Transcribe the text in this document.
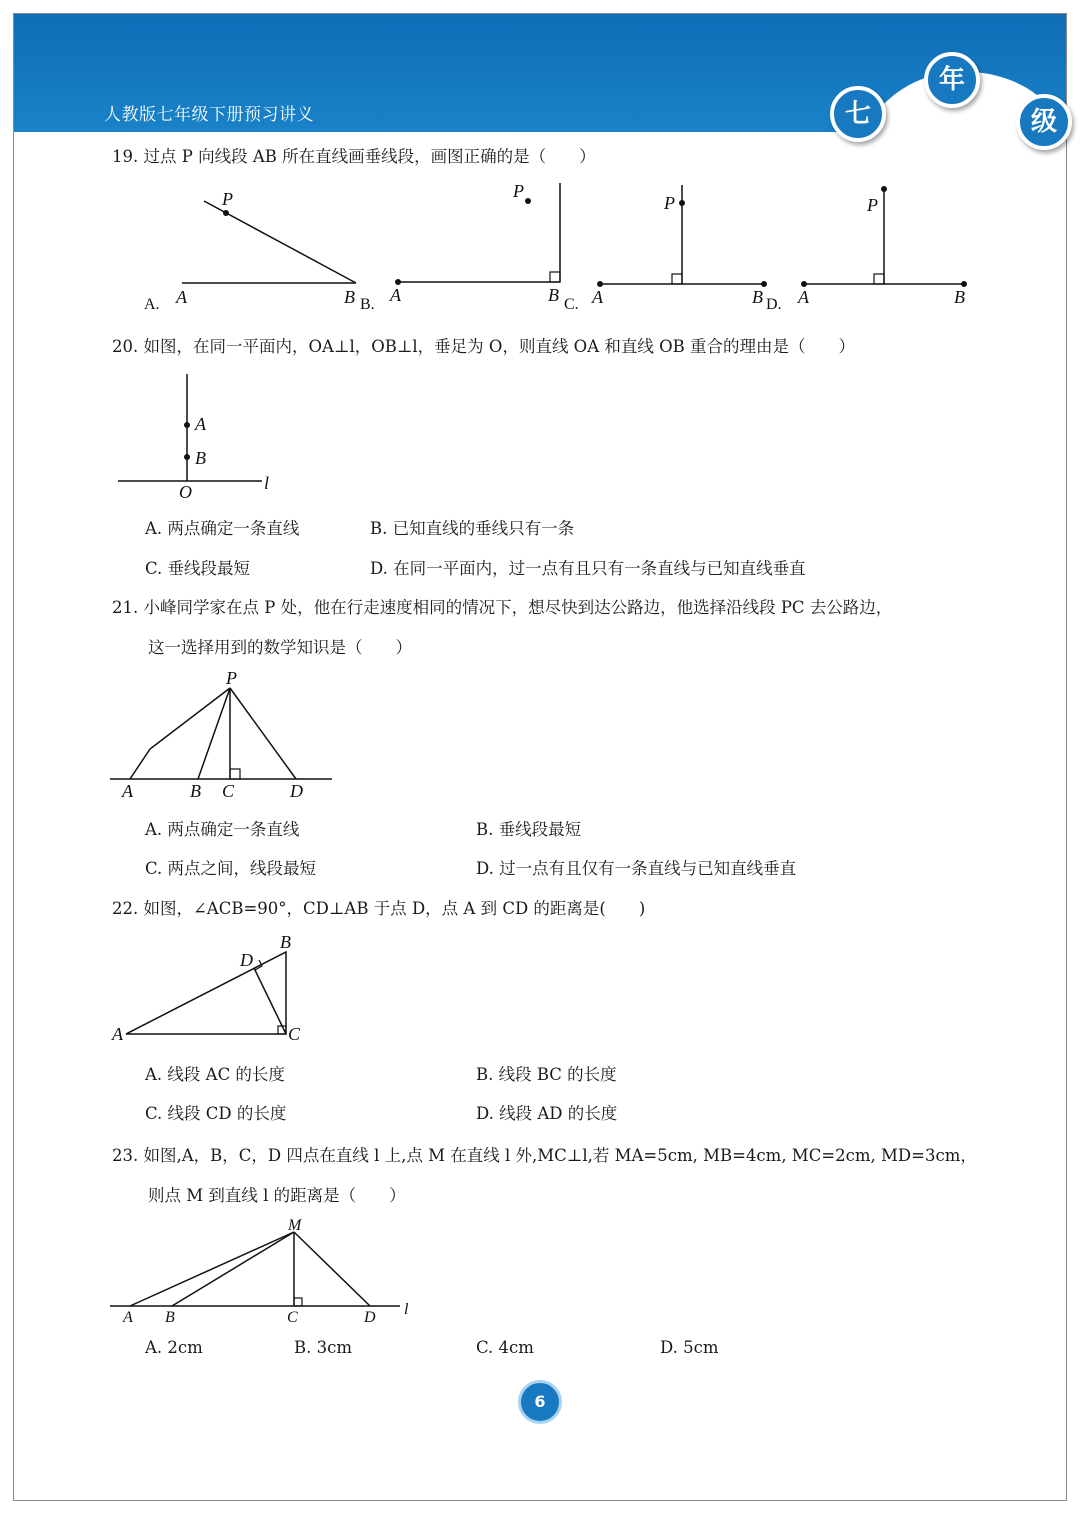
人教版七年级下册预习讲义	七
年
级
19. 过点 P 向线段 AB 所在直线画垂线段，画图正确的是（　　）
A.
P
A	B B.
P
A	B C.
P
A	B D.
P
A	B
20. 如图，在同一平面内，OA⊥l，OB⊥l，垂足为 O，则直线 OA 和直线 OB 重合的理由是（　　）
A
B
O	l
A. 两点确定一条直线	B. 已知直线的垂线只有一条
C. 垂线段最短	D. 在同一平面内，过一点有且只有一条直线与已知直线垂直
21. 小峰同学家在点 P 处，他在行走速度相同的情况下，想尽快到达公路边，他选择沿线段 PC 去公路边，
这一选择用到的数学知识是（　　）
P
A	B C	D
A. 两点确定一条直线	B. 垂线段最短
C. 两点之间，线段最短	D. 过一点有且仅有一条直线与已知直线垂直
22. 如图，∠ACB=90°，CD⊥AB 于点 D，点 A 到 CD 的距离是(　　)
A
B
C
D
A. 线段 AC 的长度	B. 线段 BC 的长度
C. 线段 CD 的长度	D. 线段 AD 的长度
23. 如图,A，B，C，D 四点在直线 l 上,点 M 在直线 l 外,MC⊥l,若 MA=5cm, MB=4cm, MC=2cm, MD=3cm，
则点 M 到直线 l 的距离是（　　）
M
A B	C	D l
A. 2cm	B. 3cm	C. 4cm	D. 5cm
6
